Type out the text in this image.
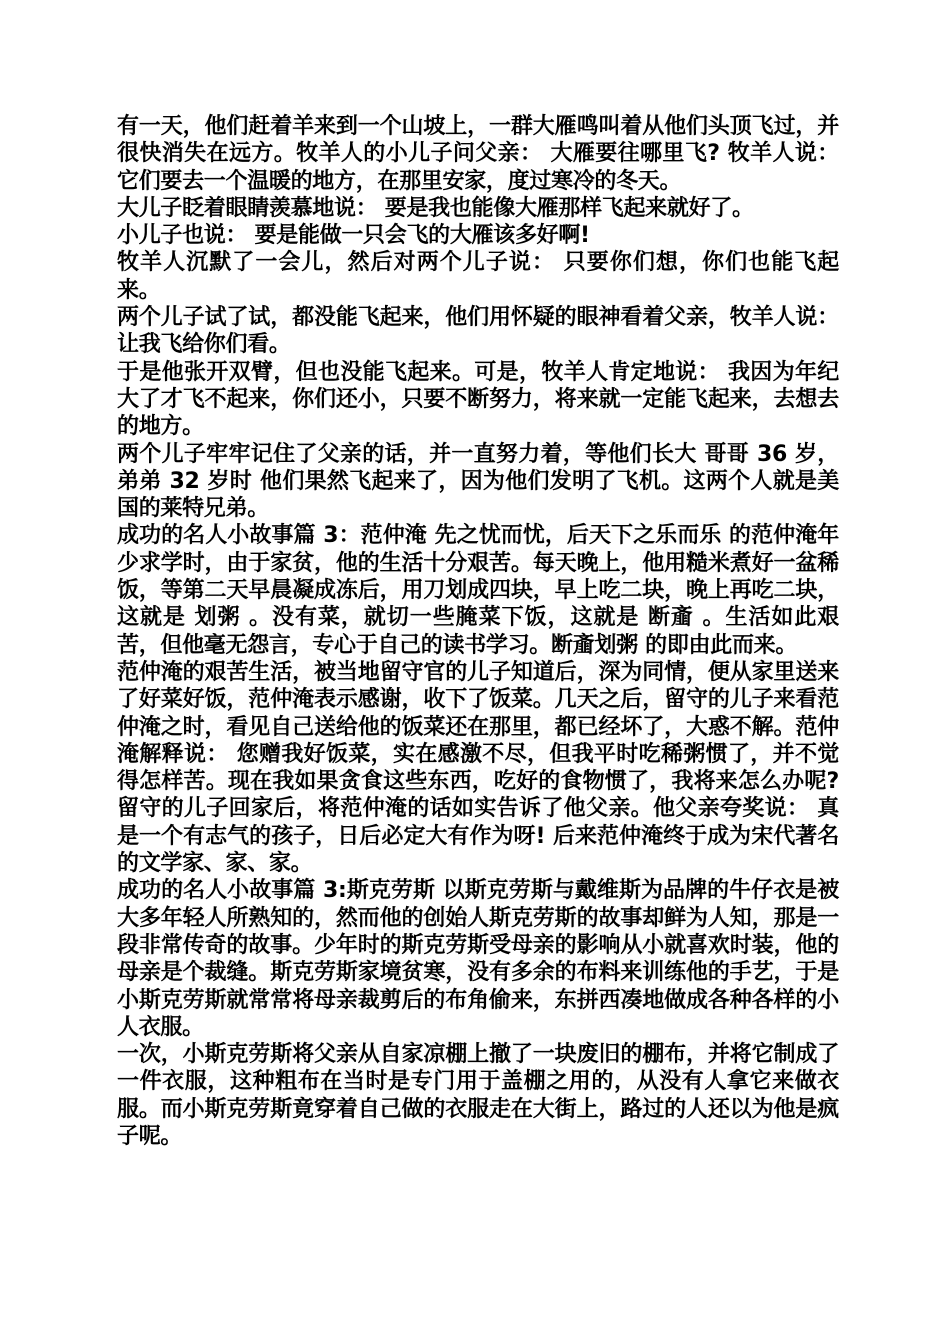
有一天，他们赶着羊来到一个山坡上，一群大雁鸣叫着从他们头顶飞过，并很快消失在远方。牧羊人的小儿子问父亲： 大雁要往哪里飞? 牧羊人说： 它们要去一个温暖的地方，在那里安家，度过寒冷的冬天。

大儿子眨着眼睛羡慕地说： 要是我也能像大雁那样飞起来就好了。

小儿子也说： 要是能做一只会飞的大雁该多好啊!

牧羊人沉默了一会儿，然后对两个儿子说： 只要你们想，你们也能飞起来。

两个儿子试了试，都没能飞起来，他们用怀疑的眼神看着父亲，牧羊人说： 让我飞给你们看。

于是他张开双臂，但也没能飞起来。可是，牧羊人肯定地说： 我因为年纪大了才飞不起来，你们还小，只要不断努力，将来就一定能飞起来，去想去的地方。

两个儿子牢牢记住了父亲的话，并一直努力着，等他们长大 哥哥 36 岁，弟弟 32 岁时 他们果然飞起来了，因为他们发明了飞机。这两个人就是美国的莱特兄弟。

成功的名人小故事篇 3：范仲淹 先之忧而忧，后天下之乐而乐 的范仲淹年少求学时，由于家贫，他的生活十分艰苦。每天晚上，他用糙米煮好一盆稀饭，等第二天早晨凝成冻后，用刀划成四块，早上吃二块，晚上再吃二块，这就是 划粥 。没有菜，就切一些腌菜下饭，这就是 断齑 。生活如此艰苦，但他毫无怨言，专心于自己的读书学习。断齑划粥 的即由此而来。

范仲淹的艰苦生活，被当地留守官的儿子知道后，深为同情，便从家里送来了好菜好饭，范仲淹表示感谢，收下了饭菜。几天之后，留守的儿子来看范仲淹之时，看见自己送给他的饭菜还在那里，都已经坏了，大惑不解。范仲淹解释说： 您赠我好饭菜，实在感激不尽，但我平时吃稀粥惯了，并不觉得怎样苦。现在我如果贪食这些东西，吃好的食物惯了，我将来怎么办呢? 留守的儿子回家后，将范仲淹的话如实告诉了他父亲。他父亲夸奖说： 真是一个有志气的孩子，日后必定大有作为呀! 后来范仲淹终于成为宋代著名的文学家、家、家。

成功的名人小故事篇 3:斯克劳斯 以斯克劳斯与戴维斯为品牌的牛仔衣是被大多年轻人所熟知的，然而他的创始人斯克劳斯的故事却鲜为人知，那是一段非常传奇的故事。少年时的斯克劳斯受母亲的影响从小就喜欢时装，他的母亲是个裁缝。斯克劳斯家境贫寒，没有多余的布料来训练他的手艺，于是小斯克劳斯就常常将母亲裁剪后的布角偷来，东拼西凑地做成各种各样的小人衣服。

一次，小斯克劳斯将父亲从自家凉棚上撤了一块废旧的棚布，并将它制成了一件衣服，这种粗布在当时是专门用于盖棚之用的，从没有人拿它来做衣服。而小斯克劳斯竟穿着自己做的衣服走在大街上，路过的人还以为他是疯子呢。
